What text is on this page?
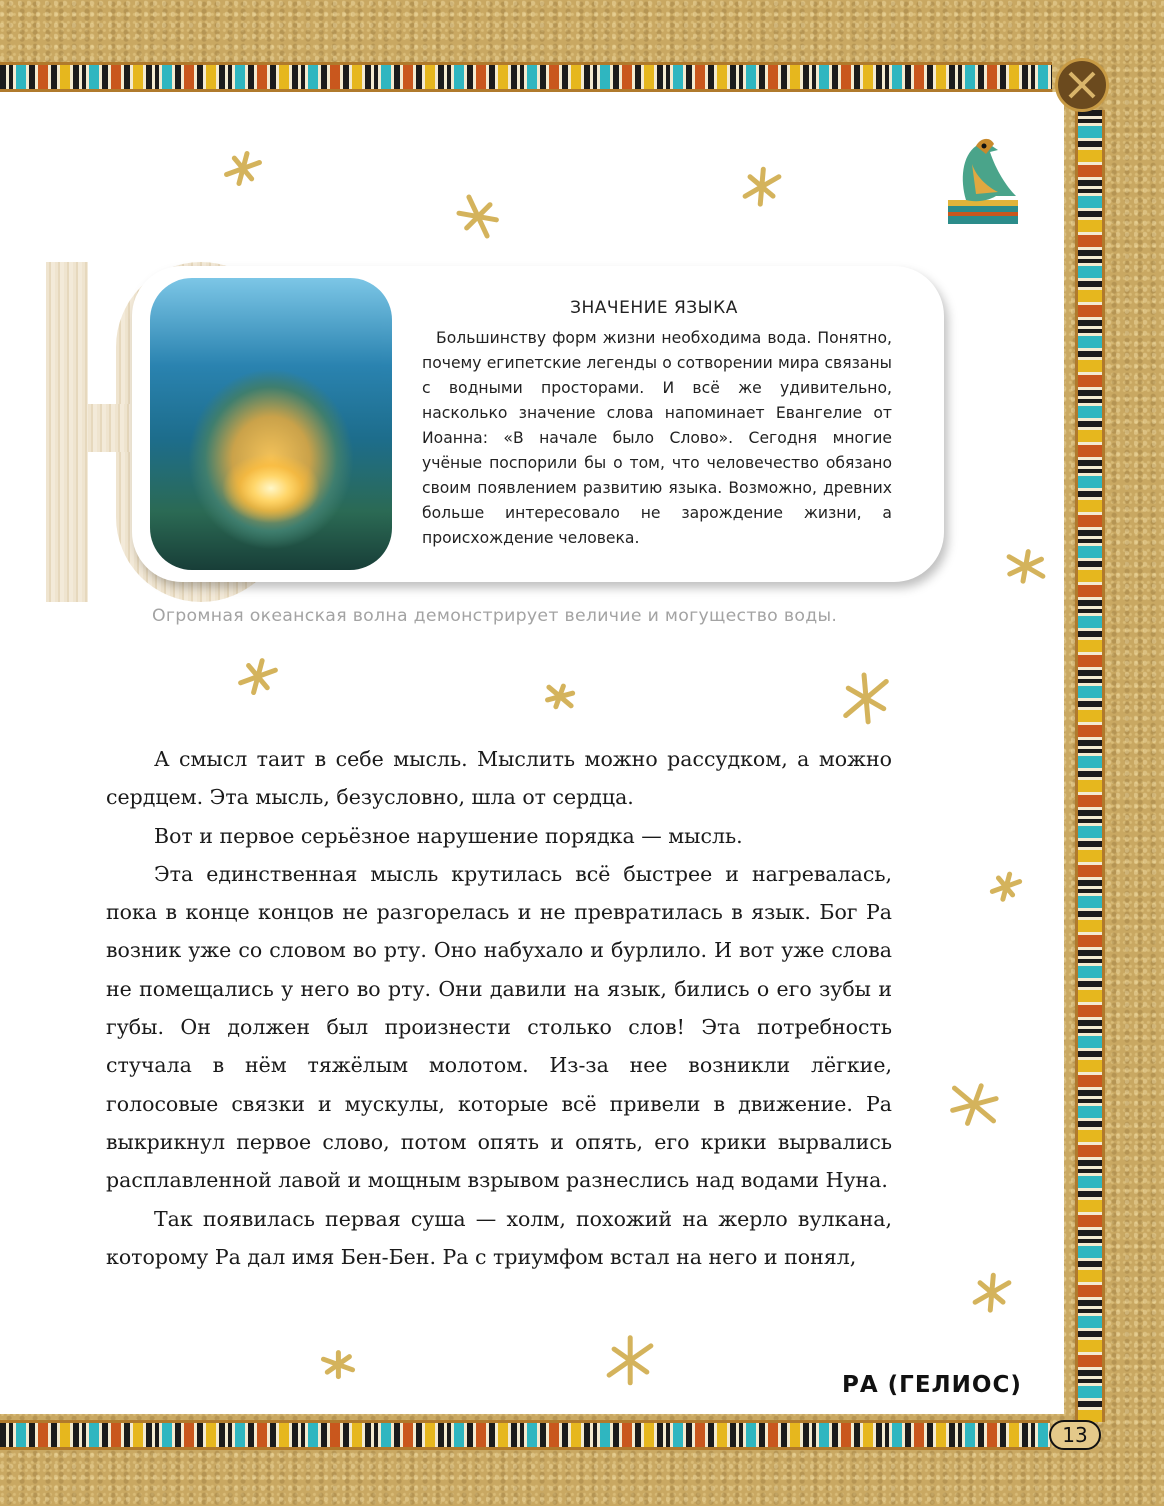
ЗНАЧЕНИЕ ЯЗЫКА
Большинству форм жизни необходима вода. Понятно, почему египетские легенды о сотворении мира связаны с водными просторами. И всё же удивительно, насколько значение слова напоминает Евангелие от Иоанна: «В начале было Слово». Сегодня многие учёные поспорили бы о том, что человечество обязано своим появлением развитию языка. Возможно, древних больше интересовало не зарождение жизни, а происхождение человека.
Огромная океанская волна демонстрирует величие и могущество воды.

А смысл таит в себе мысль. Мыслить можно рассудком, а можно сердцем. Эта мысль, безусловно, шла от сердца.

Вот и первое серьёзное нарушение порядка — мысль.

Эта единственная мысль крутилась всё быстрее и нагревалась, пока в конце концов не разгорелась и не превратилась в язык. Бог Ра возник уже со словом во рту. Оно набухало и бурлило. И вот уже слова не помещались у него во рту. Они давили на язык, бились о его зубы и губы. Он должен был произнести столько слов! Эта потребность стучала в нём тяжёлым молотом. Из-за нее возникли лёгкие, голосовые связки и мускулы, которые всё привели в движение. Ра выкрикнул первое слово, потом опять и опять, его крики вырвались расплавленной лавой и мощным взрывом разнеслись над водами Нуна.

Так появилась первая суша — холм, похожий на жерло вулкана, которому Ра дал имя Бен-Бен. Ра с триумфом встал на него и понял,

РА (ГЕЛИОС)
13
